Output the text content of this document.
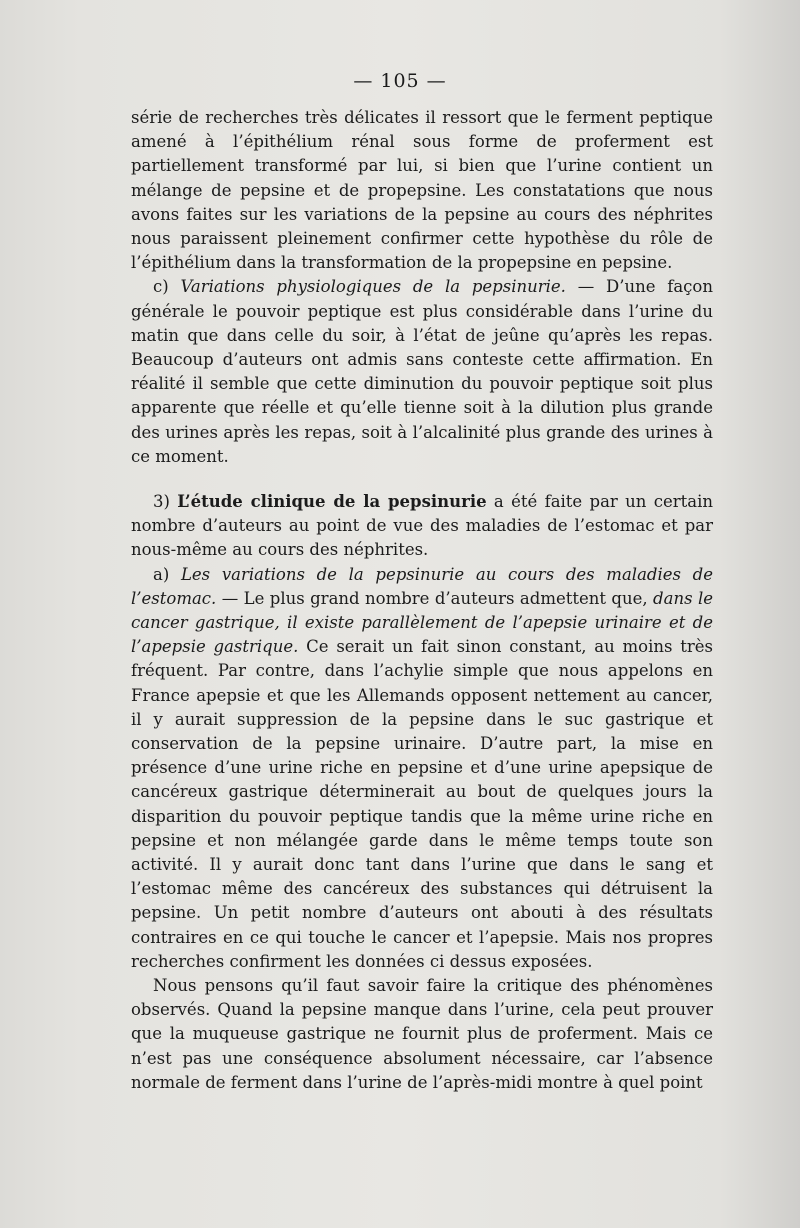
— 105 —

série de recherches très délicates il ressort que le ferment peptique amené à l’épithélium rénal sous forme de proferment est partiellement transformé par lui, si bien que l’urine contient un mélange de pepsine et de propepsine. Les constatations que nous avons faites sur les variations de la pepsine au cours des néphrites nous paraissent pleinement confirmer cette hypothèse du rôle de l’épithélium dans la transformation de la propepsine en pepsine.

c) Variations physiologiques de la pepsinurie. — D’une façon générale le pouvoir peptique est plus considérable dans l’urine du matin que dans celle du soir, à l’état de jeûne qu’après les repas. Beaucoup d’auteurs ont admis sans conteste cette affirmation. En réalité il semble que cette diminution du pouvoir peptique soit plus apparente que réelle et qu’elle tienne soit à la dilution plus grande des urines après les repas, soit à l’alcalinité plus grande des urines à ce moment.

3) L’étude clinique de la pepsinurie a été faite par un certain nombre d’auteurs au point de vue des maladies de l’estomac et par nous-même au cours des néphrites.

a) Les variations de la pepsinurie au cours des maladies de l’estomac. — Le plus grand nombre d’auteurs admettent que, dans le cancer gastrique, il existe parallèlement de l’apepsie urinaire et de l’apepsie gastrique. Ce serait un fait sinon constant, au moins très fréquent. Par contre, dans l’achylie simple que nous appelons en France apepsie et que les Allemands opposent nettement au cancer, il y aurait suppression de la pepsine dans le suc gastrique et conservation de la pepsine urinaire. D’autre part, la mise en présence d’une urine riche en pepsine et d’une urine apepsique de cancéreux gastrique déterminerait au bout de quelques jours la disparition du pouvoir peptique tandis que la même urine riche en pepsine et non mélangée garde dans le même temps toute son activité. Il y aurait donc tant dans l’urine que dans le sang et l’estomac même des cancéreux des substances qui détruisent la pepsine. Un petit nombre d’auteurs ont abouti à des résultats contraires en ce qui touche le cancer et l’apepsie. Mais nos propres recherches confirment les données ci dessus exposées.

Nous pensons qu’il faut savoir faire la critique des phénomènes observés. Quand la pepsine manque dans l’urine, cela peut prouver que la muqueuse gastrique ne fournit plus de proferment. Mais ce n’est pas une conséquence absolument nécessaire, car l’absence normale de ferment dans l’urine de l’après-midi montre à quel point
